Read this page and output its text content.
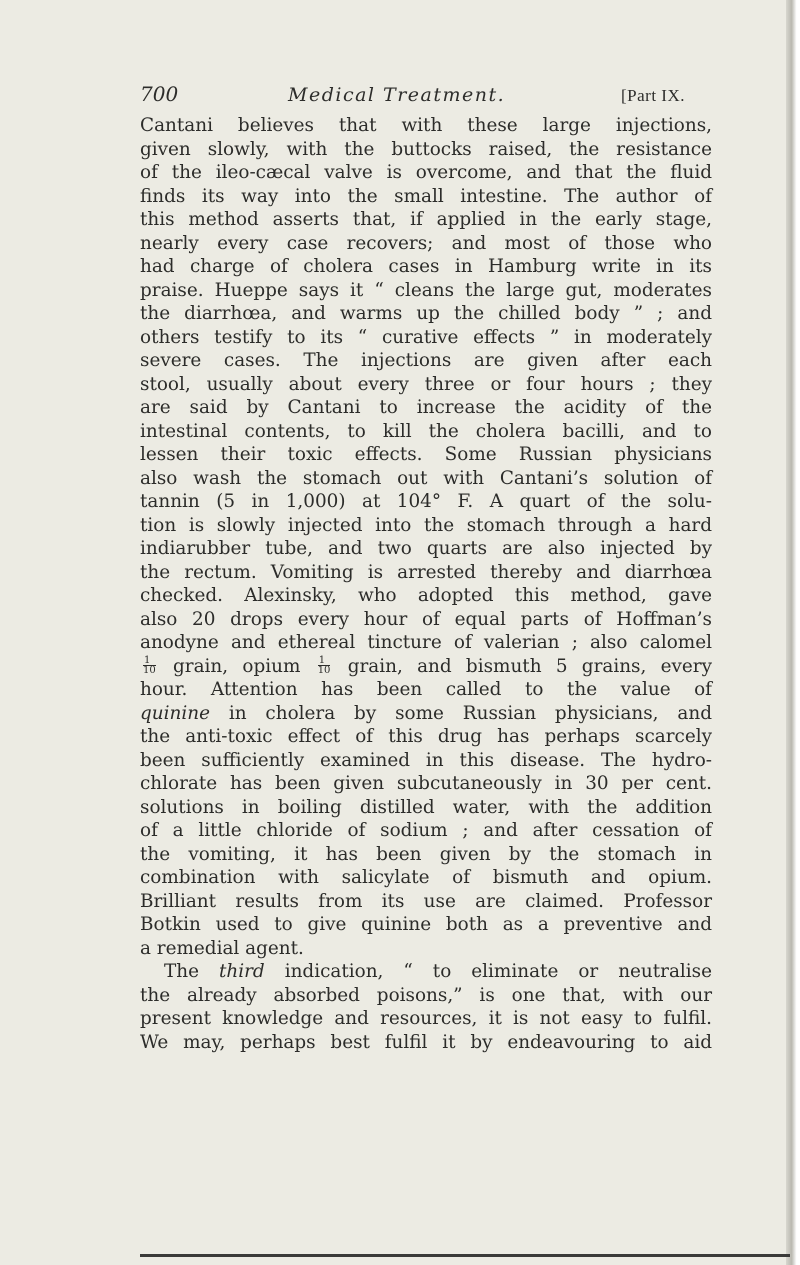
700	Medical Treatment.	[Part IX.
Cantani believes that with these large injections,
given slowly, with the buttocks raised, the resistance
of the ileo-cæcal valve is overcome, and that the fluid
finds its way into the small intestine. The author of
this method asserts that, if applied in the early stage,
nearly every case recovers; and most of those who
had charge of cholera cases in Hamburg write in its
praise. Hueppe says it “ cleans the large gut, moderates
the diarrhœa, and warms up the chilled body ” ; and
others testify to its “ curative effects ” in moderately
severe cases. The injections are given after each
stool, usually about every three or four hours ; they
are said by Cantani to increase the acidity of the
intestinal contents, to kill the cholera bacilli, and to
lessen their toxic effects. Some Russian physicians
also wash the stomach out with Cantani’s solution of
tannin (5 in 1,000) at 104° F. A quart of the solu-
tion is slowly injected into the stomach through a hard
indiarubber tube, and two quarts are also injected by
the rectum. Vomiting is arrested thereby and diarrhœa
checked. Alexinsky, who adopted this method, gave
also 20 drops every hour of equal parts of Hoffman’s
anodyne and ethereal tincture of valerian ; also calomel
$\frac{1}{10}$ grain, opium $\frac{1}{10}$ grain, and bismuth 5 grains, every
hour. Attention has been called to the value of
quinine in cholera by some Russian physicians, and
the anti-toxic effect of this drug has perhaps scarcely
been sufficiently examined in this disease. The hydro-
chlorate has been given subcutaneously in 30 per cent.
solutions in boiling distilled water, with the addition
of a little chloride of sodium ; and after cessation of
the vomiting, it has been given by the stomach in
combination with salicylate of bismuth and opium.
Brilliant results from its use are claimed. Professor
Botkin used to give quinine both as a preventive and
a remedial agent.
The third indication, “ to eliminate or neutralise
the already absorbed poisons,” is one that, with our
present knowledge and resources, it is not easy to fulfil.
We may, perhaps best fulfil it by endeavouring to aid
